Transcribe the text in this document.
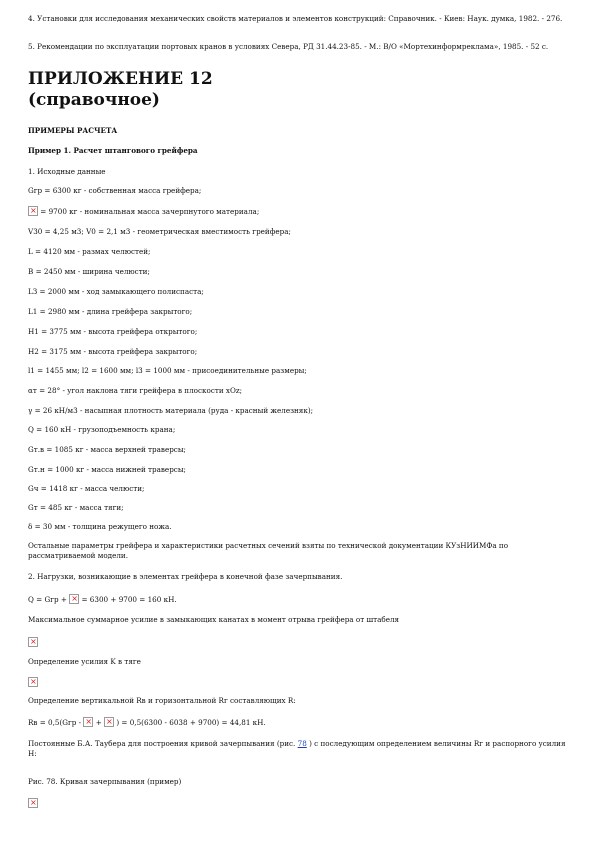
4. Установки для исследования механических свойств материалов и элементов конструкций: Справочник. - Киев: Наук. думка, 1982. - 276.
5. Рекомендации по эксплуатации портовых кранов в условиях Севера, РД 31.44.23-85. - М.: В/О «Мортехинформреклама», 1985. - 52 с.
ПРИЛОЖЕНИЕ 12
(справочное)
ПРИМЕРЫ РАСЧЕТА
Пример 1. Расчет штангового грейфера
1. Исходные данные
Gгр = 6300 кг - собственная масса грейфера;
× = 9700 кг - номинальная масса зачерпнутого материала;
V30 = 4,25 м3; V0 = 2,1 м3 - геометрическая вместимость грейфера;
L = 4120 мм - размах челюстей;
B = 2450 мм - ширина челюсти;
LЗ = 2000 мм - ход замыкающего полиспаста;
L1 = 2980 мм - длина грейфера закрытого;
H1 = 3775 мм - высота грейфера открытого;
H2 = 3175 мм - высота грейфера закрытого;
l1 = 1455 мм; l2 = 1600 мм; l3 = 1000 мм - присоединительные размеры;
αт = 28° - угол наклона тяги грейфера в плоскости xOz;
γ = 26 кН/м3 - насыпная плотность материала (руда - красный железняк);
Q = 160 кН - грузоподъемность крана;
Gт.в = 1085 кг - масса верхней траверсы;
Gт.н = 1000 кг - масса нижней траверсы;
Gч = 1418 кг - масса челюсти;
Gт = 485 кг - масса тяги;
δ = 30 мм - толщина режущего ножа.
Остальные параметры грейфера и характеристики расчетных сечений взяты по технической документации КУзНИИМФа по рассматриваемой модели.
2. Нагрузки, возникающие в элементах грейфера в конечной фазе зачерпывания.
Q = Gгр + × = 6300 + 9700 = 160 кН.
Максимальное суммарное усилие в замыкающих канатах в момент отрыва грейфера от штабеля
×
Определение усилия K в тяге
×
Определение вертикальной Rв и горизонтальной Rг составляющих R:
Rв = 0,5(Gгр - × + × ) = 0,5(6300 - 6038 + 9700) = 44,81 кН.
Постоянные Б.А. Таубера для построения кривой зачерпывания (рис. 78 ) с последующим определением величины Rг и распорного усилия H:
Рис. 78. Кривая зачерпывания (пример)
×
